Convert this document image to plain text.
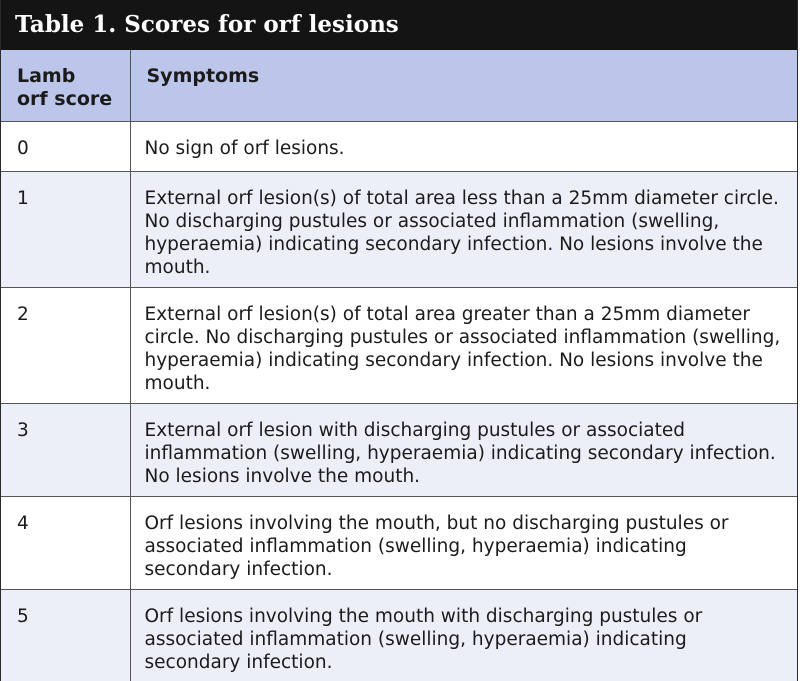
Table 1. Scores for orf lesions
Lamb
orf score	Symptoms
0	No sign of orf lesions.
1	External orf lesion(s) of total area less than a 25mm diameter circle. No discharging pustules or associated inflammation (swelling, hyperaemia) indicating secondary infection. No lesions involve the mouth.
2	External orf lesion(s) of total area greater than a 25mm diameter circle. No discharging pustules or associated inflammation (swelling, hyperaemia) indicating secondary infection. No lesions involve the mouth.
3	External orf lesion with discharging pustules or associated inflammation (swelling, hyperaemia) indicating secondary infection. No lesions involve the mouth.
4	Orf lesions involving the mouth, but no discharging pustules or associated inflammation (swelling, hyperaemia) indicating secondary infection.
5	Orf lesions involving the mouth with discharging pustules or associated inflammation (swelling, hyperaemia) indicating secondary infection.
